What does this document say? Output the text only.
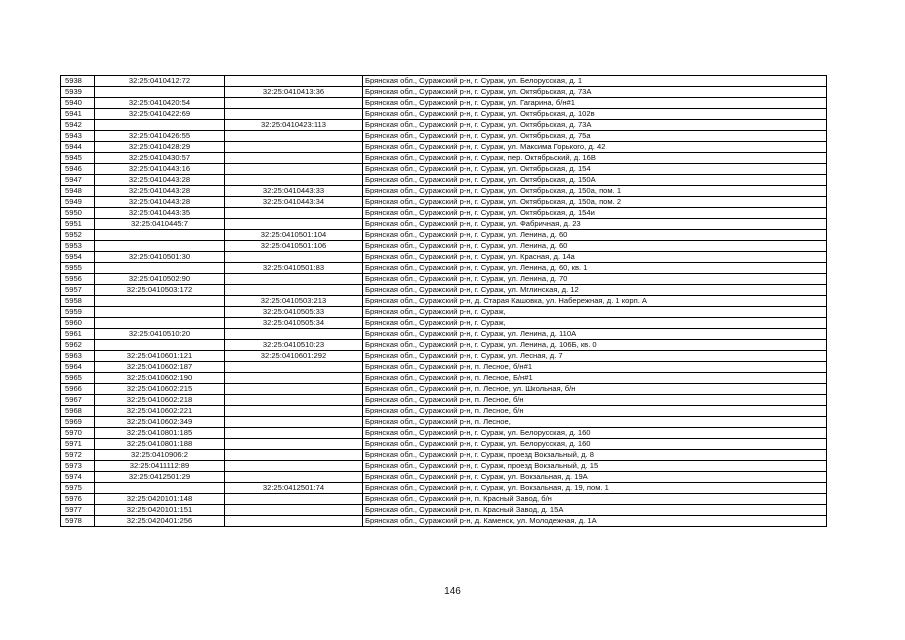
5938	32:25:0410412:72		Брянская обл., Суражский р-н, г. Сураж, ул. Белорусская, д. 1
5939		32:25:0410413:36	Брянская обл., Суражский р-н, г. Сураж, ул. Октябрьская, д. 73А
5940	32:25:0410420:54		Брянская обл., Суражский р-н, г. Сураж, ул. Гагарина, б/н#1
5941	32:25:0410422:69		Брянская обл., Суражский р-н, г. Сураж, ул. Октябрьская, д. 102в
5942		32:25:0410423:113	Брянская обл., Суражский р-н, г. Сураж, ул. Октябрьская, д. 73А
5943	32:25:0410426:55		Брянская обл., Суражский р-н, г. Сураж, ул. Октябрьская, д. 75а
5944	32:25:0410428:29		Брянская обл., Суражский р-н, г. Сураж, ул. Максима Горького, д. 42
5945	32:25:0410430:57		Брянская обл., Суражский р-н, г. Сураж, пер. Октябрьский, д. 16В
5946	32:25:0410443:16		Брянская обл., Суражский р-н, г. Сураж, ул. Октябрьская, д. 154
5947	32:25:0410443:28		Брянская обл., Суражский р-н, г. Сураж, ул. Октябрьская, д. 150А
5948	32:25:0410443:28	32:25:0410443:33	Брянская обл., Суражский р-н, г. Сураж, ул. Октябрьская, д. 150а, пом. 1
5949	32:25:0410443:28	32:25:0410443:34	Брянская обл., Суражский р-н, г. Сураж, ул. Октябрьская, д. 150а, пом. 2
5950	32:25:0410443:35		Брянская обл., Суражский р-н, г. Сураж, ул. Октябрьская, д. 154и
5951	32:25:0410445:7		Брянская обл., Суражский р-н, г. Сураж, ул. Фабричная, д. 23
5952		32:25:0410501:104	Брянская обл., Суражский р-н, г. Сураж, ул. Ленина, д. 60
5953		32:25:0410501:106	Брянская обл., Суражский р-н, г. Сураж, ул. Ленина, д. 60
5954	32:25:0410501:30		Брянская обл., Суражский р-н, г. Сураж, ул. Красная, д. 14а
5955		32:25:0410501:83	Брянская обл., Суражский р-н, г. Сураж, ул. Ленина, д. 60, кв. 1
5956	32:25:0410502:90		Брянская обл., Суражский р-н, г. Сураж, ул. Ленина, д. 70
5957	32:25:0410503:172		Брянская обл., Суражский р-н, г. Сураж, ул. Мглинская, д. 12
5958		32:25:0410503:213	Брянская обл., Суражский р-н, д. Старая Кашовка, ул. Набережная, д. 1 корп. А
5959		32:25:0410505:33	Брянская обл., Суражский р-н, г. Сураж,
5960		32:25:0410505:34	Брянская обл., Суражский р-н, г. Сураж,
5961	32:25:0410510:20		Брянская обл., Суражский р-н, г. Сураж, ул. Ленина, д. 110А
5962		32:25:0410510:23	Брянская обл., Суражский р-н, г. Сураж, ул. Ленина, д. 106Б, кв. 0
5963	32:25:0410601:121	32:25:0410601:292	Брянская обл., Суражский р-н, г. Сураж, ул. Лесная, д. 7
5964	32:25:0410602:187		Брянская обл., Суражский р-н, п. Лесное, б/н#1
5965	32:25:0410602:190		Брянская обл., Суражский р-н, п. Лесное, Б/н#1
5966	32:25:0410602:215		Брянская обл., Суражский р-н, п. Лесное, ул. Школьная, б/н
5967	32:25:0410602:218		Брянская обл., Суражский р-н, п. Лесное, б/н
5968	32:25:0410602:221		Брянская обл., Суражский р-н, п. Лесное, б/н
5969	32:25:0410602:349		Брянская обл., Суражский р-н, п. Лесное,
5970	32:25:0410801:185		Брянская обл., Суражский р-н, г. Сураж, ул. Белорусская, д. 160
5971	32:25:0410801:188		Брянская обл., Суражский р-н, г. Сураж, ул. Белорусская, д. 160
5972	32:25:0410906:2		Брянская обл., Суражский р-н, г. Сураж, проезд Вокзальный, д. 8
5973	32:25:0411112:89		Брянская обл., Суражский р-н, г. Сураж, проезд Вокзальный, д. 15
5974	32:25:0412501:29		Брянская обл., Суражский р-н, г. Сураж, ул. Вокзальная, д. 19А
5975		32:25:0412501:74	Брянская обл., Суражский р-н, г. Сураж, ул. Вокзальная, д. 19, пом. 1
5976	32:25:0420101:148		Брянская обл., Суражский р-н, п. Красный Завод, б/н
5977	32:25:0420101:151		Брянская обл., Суражский р-н, п. Красный Завод, д. 15А
5978	32:25:0420401:256		Брянская обл., Суражский р-н, д. Каменск, ул. Молодежная, д. 1А
146
